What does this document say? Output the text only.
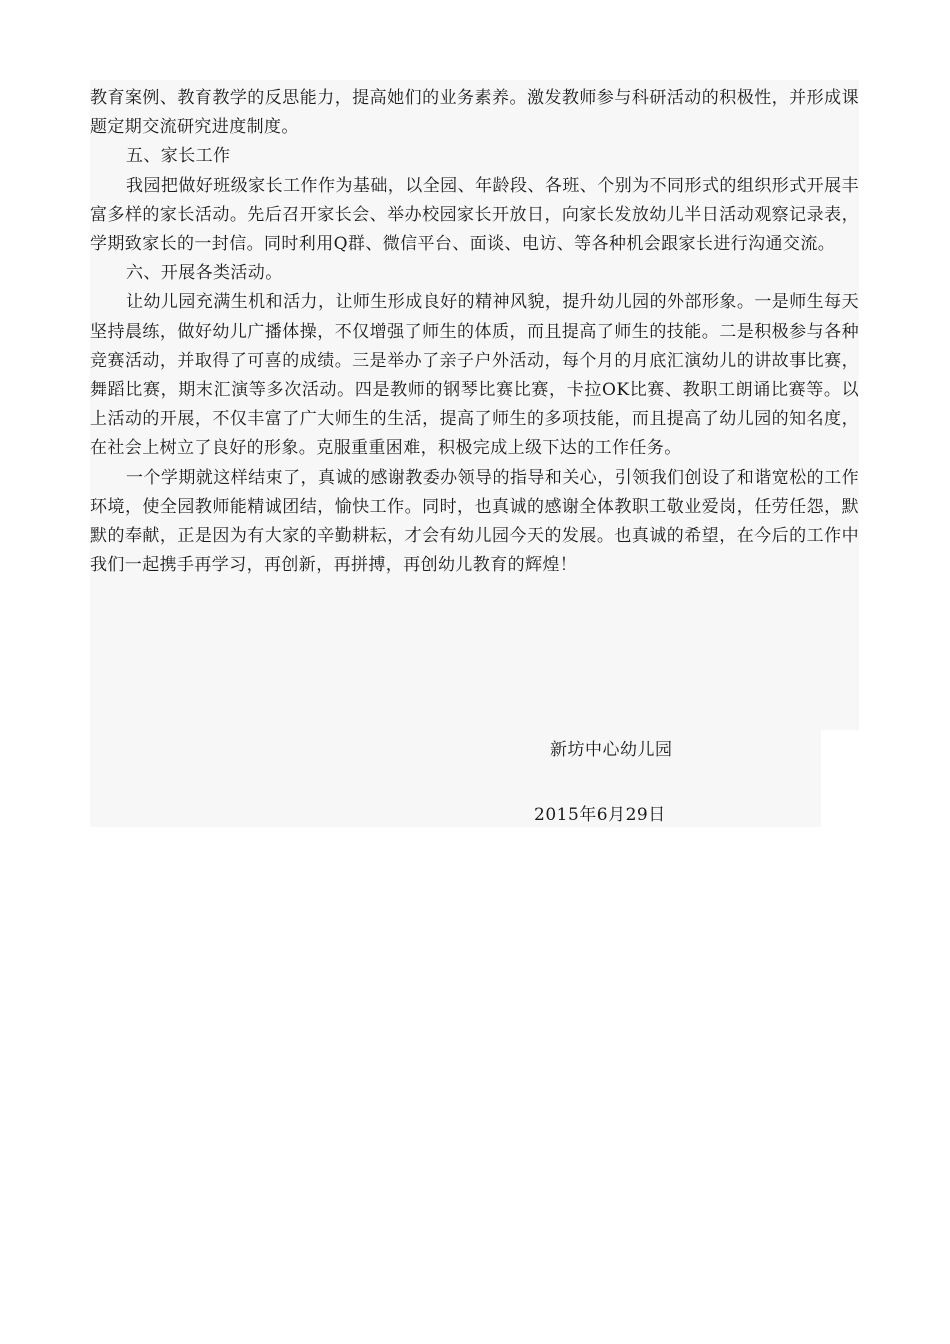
教育案例、教育教学的反思能力，提高她们的业务素养。激发教师参与科研活动的积极性，并形成课题定期交流研究进度制度。

五、家长工作

我园把做好班级家长工作作为基础，以全园、年龄段、各班、个别为不同形式的组织形式开展丰富多样的家长活动。先后召开家长会、举办校园家长开放日，向家长发放幼儿半日活动观察记录表，学期致家长的一封信。同时利用Q群、微信平台、面谈、电访、等各种机会跟家长进行沟通交流。

六、开展各类活动。

让幼儿园充满生机和活力，让师生形成良好的精神风貌，提升幼儿园的外部形象。一是师生每天坚持晨练，做好幼儿广播体操，不仅增强了师生的体质，而且提高了师生的技能。二是积极参与各种竞赛活动，并取得了可喜的成绩。三是举办了亲子户外活动，每个月的月底汇演幼儿的讲故事比赛，舞蹈比赛，期末汇演等多次活动。四是教师的钢琴比赛比赛，卡拉OK比赛、教职工朗诵比赛等。以上活动的开展，不仅丰富了广大师生的生活，提高了师生的多项技能，而且提高了幼儿园的知名度，在社会上树立了良好的形象。克服重重困难，积极完成上级下达的工作任务。

一个学期就这样结束了，真诚的感谢教委办领导的指导和关心，引领我们创设了和谐宽松的工作环境，使全园教师能精诚团结，愉快工作。同时，也真诚的感谢全体教职工敬业爱岗，任劳任怨，默默的奉献，正是因为有大家的辛勤耕耘，才会有幼儿园今天的发展。也真诚的希望，在今后的工作中我们一起携手再学习，再创新，再拼搏，再创幼儿教育的辉煌！

新坊中心幼儿园
2015年6月29日
